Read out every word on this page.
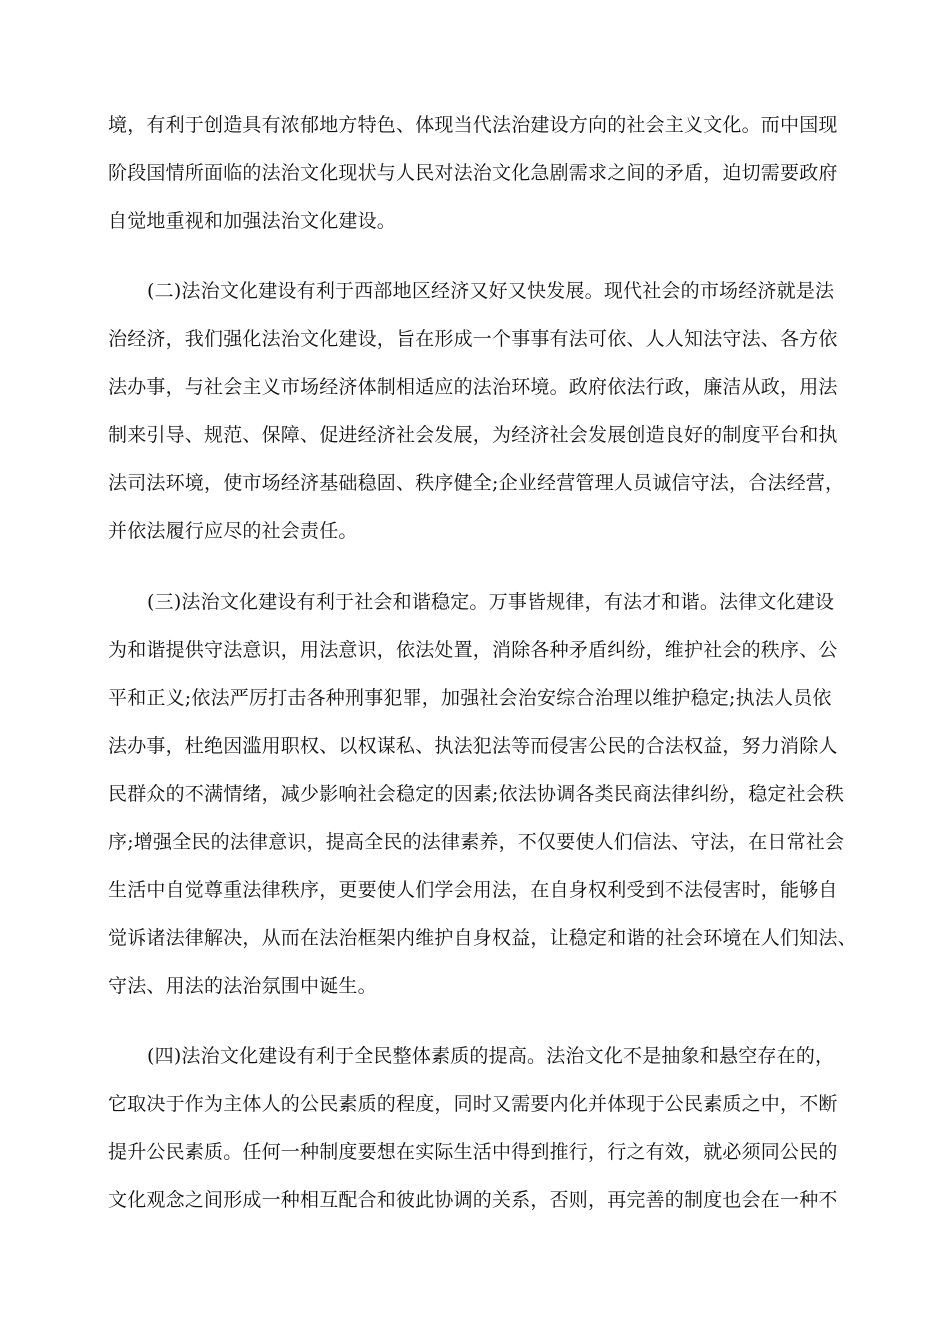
境，有利于创造具有浓郁地方特色、体现当代法治建设方向的社会主义文化。而中国现
阶段国情所面临的法治文化现状与人民对法治文化急剧需求之间的矛盾，迫切需要政府
自觉地重视和加强法治文化建设。
(二)法治文化建设有利于西部地区经济又好又快发展。现代社会的市场经济就是法
治经济，我们强化法治文化建设，旨在形成一个事事有法可依、人人知法守法、各方依
法办事，与社会主义市场经济体制相适应的法治环境。政府依法行政，廉洁从政，用法
制来引导、规范、保障、促进经济社会发展，为经济社会发展创造良好的制度平台和执
法司法环境，使市场经济基础稳固、秩序健全;企业经营管理人员诚信守法，合法经营，
并依法履行应尽的社会责任。
(三)法治文化建设有利于社会和谐稳定。万事皆规律，有法才和谐。法律文化建设
为和谐提供守法意识，用法意识，依法处置，消除各种矛盾纠纷，维护社会的秩序、公
平和正义;依法严厉打击各种刑事犯罪，加强社会治安综合治理以维护稳定;执法人员依
法办事，杜绝因滥用职权、以权谋私、执法犯法等而侵害公民的合法权益，努力消除人
民群众的不满情绪，减少影响社会稳定的因素;依法协调各类民商法律纠纷，稳定社会秩
序;增强全民的法律意识，提高全民的法律素养，不仅要使人们信法、守法，在日常社会
生活中自觉尊重法律秩序，更要使人们学会用法，在自身权利受到不法侵害时，能够自
觉诉诸法律解决，从而在法治框架内维护自身权益，让稳定和谐的社会环境在人们知法、
守法、用法的法治氛围中诞生。
(四)法治文化建设有利于全民整体素质的提高。法治文化不是抽象和悬空存在的，
它取决于作为主体人的公民素质的程度，同时又需要内化并体现于公民素质之中，不断
提升公民素质。任何一种制度要想在实际生活中得到推行，行之有效，就必须同公民的
文化观念之间形成一种相互配合和彼此协调的关系，否则，再完善的制度也会在一种不
